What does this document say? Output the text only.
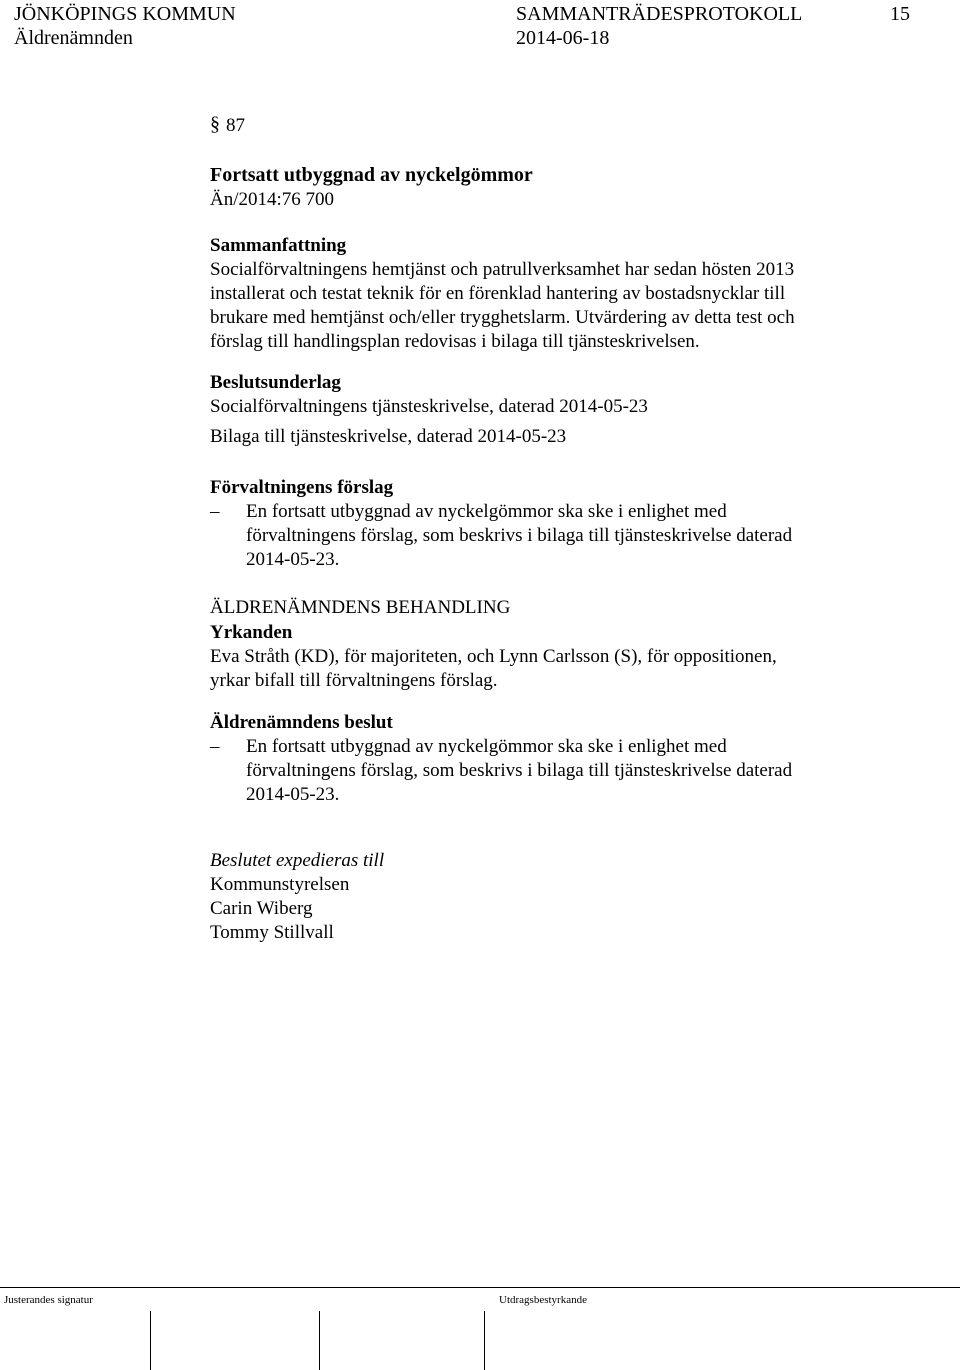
JÖNKÖPINGS KOMMUN	SAMMANTRÄDESPROTOKOLL	15
Äldrenämnden	2014-06-18
§ 87
Fortsatt utbyggnad av nyckelgömmor
Än/2014:76 700
Sammanfattning
Socialförvaltningens hemtjänst och patrullverksamhet har sedan hösten 2013
installerat och testat teknik för en förenklad hantering av bostadsnycklar till
brukare med hemtjänst och/eller trygghetslarm. Utvärdering av detta test och
förslag till handlingsplan redovisas i bilaga till tjänsteskrivelsen.
Beslutsunderlag
Socialförvaltningens tjänsteskrivelse, daterad 2014-05-23
Bilaga till tjänsteskrivelse, daterad 2014-05-23
Förvaltningens förslag
– En fortsatt utbyggnad av nyckelgömmor ska ske i enlighet med
förvaltningens förslag, som beskrivs i bilaga till tjänsteskrivelse daterad
2014-05-23.
ÄLDRENÄMNDENS BEHANDLING
Yrkanden
Eva Stråth (KD), för majoriteten, och Lynn Carlsson (S), för oppositionen,
yrkar bifall till förvaltningens förslag.
Äldrenämndens beslut
– En fortsatt utbyggnad av nyckelgömmor ska ske i enlighet med
förvaltningens förslag, som beskrivs i bilaga till tjänsteskrivelse daterad
2014-05-23.
Beslutet expedieras till
Kommunstyrelsen
Carin Wiberg
Tommy Stillvall
Justerandes signatur	Utdragsbestyrkande
